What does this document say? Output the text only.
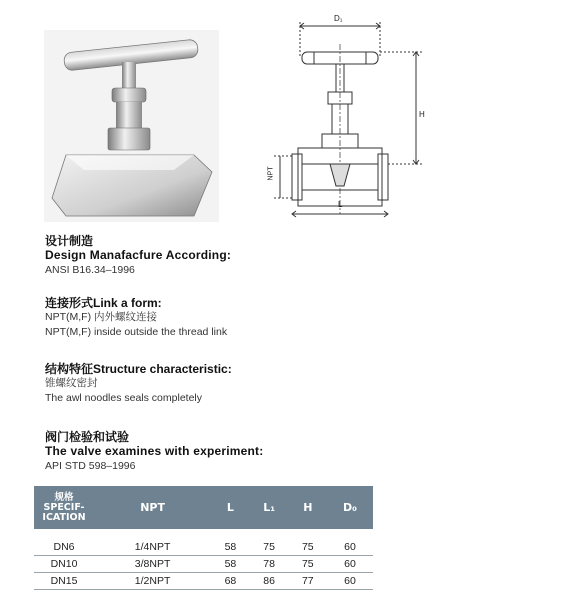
D₁
H
NPT
L
设计制造
Design Manafacfure According:
ANSI B16.34–1996
连接形式Link a form:
NPT(M,F) 内外螺纹连接
NPT(M,F) inside outside the thread link
结构特征Structure characteristic:
锥螺纹密封
The awl noodles seals completely
阀门检验和试验
The valve examines with experiment:
API STD 598–1996
规格
SPECIF-
ICATION	NPT	L	L₁	H	D₀
DN6	1/4NPT	58	75	75	60
DN10	3/8NPT	58	78	75	60
DN15	1/2NPT	68	86	77	60
